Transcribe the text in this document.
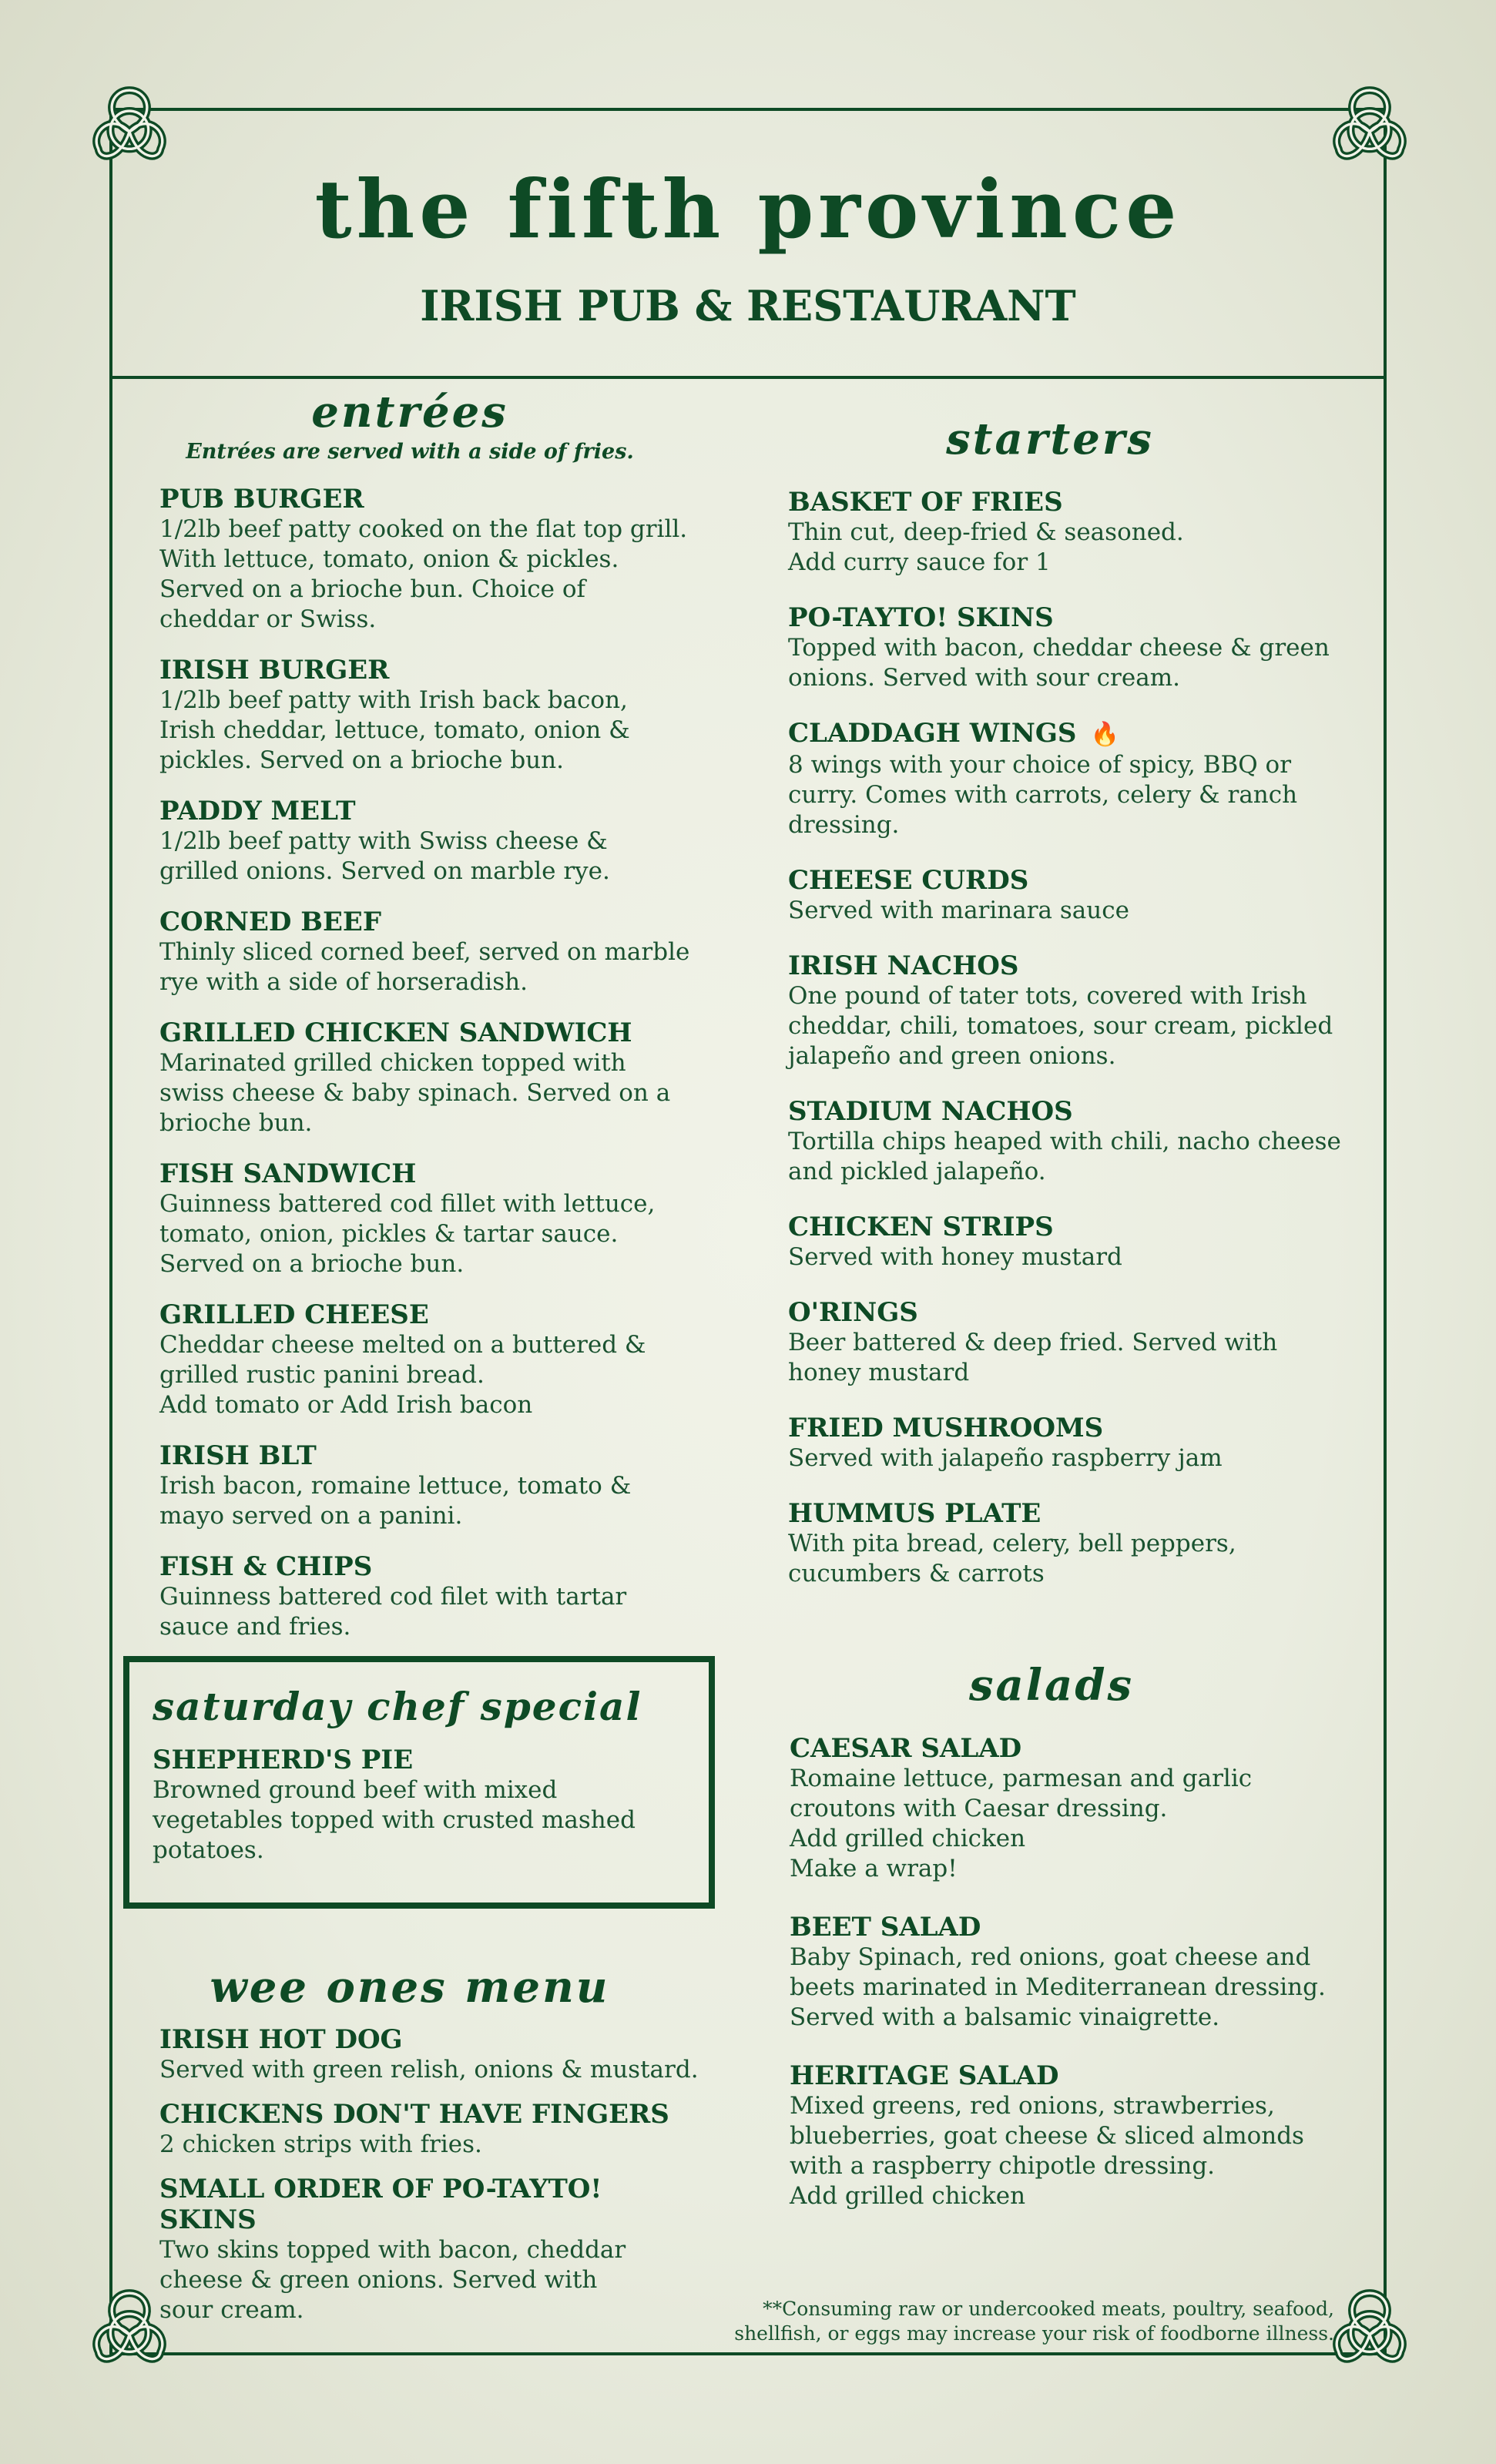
the fifth province
IRISH PUB & RESTAURANT
entrées
Entrées are served with a side of fries.
PUB BURGER
1/2lb beef patty cooked on the flat top grill. With lettuce, tomato, onion & pickles. Served on a brioche bun. Choice of cheddar or Swiss.
IRISH BURGER
1/2lb beef patty with Irish back bacon, Irish cheddar, lettuce, tomato, onion & pickles. Served on a brioche bun.
PADDY MELT
1/2lb beef patty with Swiss cheese & grilled onions. Served on marble rye.
CORNED BEEF
Thinly sliced corned beef, served on marble rye with a side of horseradish.
GRILLED CHICKEN SANDWICH
Marinated grilled chicken topped with swiss cheese & baby spinach. Served on a brioche bun.
FISH SANDWICH
Guinness battered cod fillet with lettuce, tomato, onion, pickles & tartar sauce. Served on a brioche bun.
GRILLED CHEESE
Cheddar cheese melted on a buttered & grilled rustic panini bread.
Add tomato or Add Irish bacon
IRISH BLT
Irish bacon, romaine lettuce, tomato & mayo served on a panini.
FISH & CHIPS
Guinness battered cod filet with tartar sauce and fries.
saturday chef special
SHEPHERD'S PIE
Browned ground beef with mixed vegetables topped with crusted mashed potatoes.
wee ones menu
IRISH HOT DOG
Served with green relish, onions & mustard.
CHICKENS DON'T HAVE FINGERS
2 chicken strips with fries.
SMALL ORDER OF PO-TAYTO! SKINS
Two skins topped with bacon, cheddar cheese & green onions. Served with sour cream.
starters
BASKET OF FRIES
Thin cut, deep-fried & seasoned.
Add curry sauce for 1
PO-TAYTO! SKINS
Topped with bacon, cheddar cheese & green onions. Served with sour cream.
CLADDAGH WINGS 🔥
8 wings with your choice of spicy, BBQ or curry. Comes with carrots, celery & ranch dressing.
CHEESE CURDS
Served with marinara sauce
IRISH NACHOS
One pound of tater tots, covered with Irish cheddar, chili, tomatoes, sour cream, pickled jalapeño and green onions.
STADIUM NACHOS
Tortilla chips heaped with chili, nacho cheese and pickled jalapeño.
CHICKEN STRIPS
Served with honey mustard
O'RINGS
Beer battered & deep fried. Served with honey mustard
FRIED MUSHROOMS
Served with jalapeño raspberry jam
HUMMUS PLATE
With pita bread, celery, bell peppers, cucumbers & carrots
salads
CAESAR SALAD
Romaine lettuce, parmesan and garlic croutons with Caesar dressing.
Add grilled chicken
Make a wrap!
BEET SALAD
Baby Spinach, red onions, goat cheese and beets marinated in Mediterranean dressing. Served with a balsamic vinaigrette.
HERITAGE SALAD
Mixed greens, red onions, strawberries, blueberries, goat cheese & sliced almonds with a raspberry chipotle dressing.
Add grilled chicken
**Consuming raw or undercooked meats, poultry, seafood,
shellfish, or eggs may increase your risk of foodborne illness.
